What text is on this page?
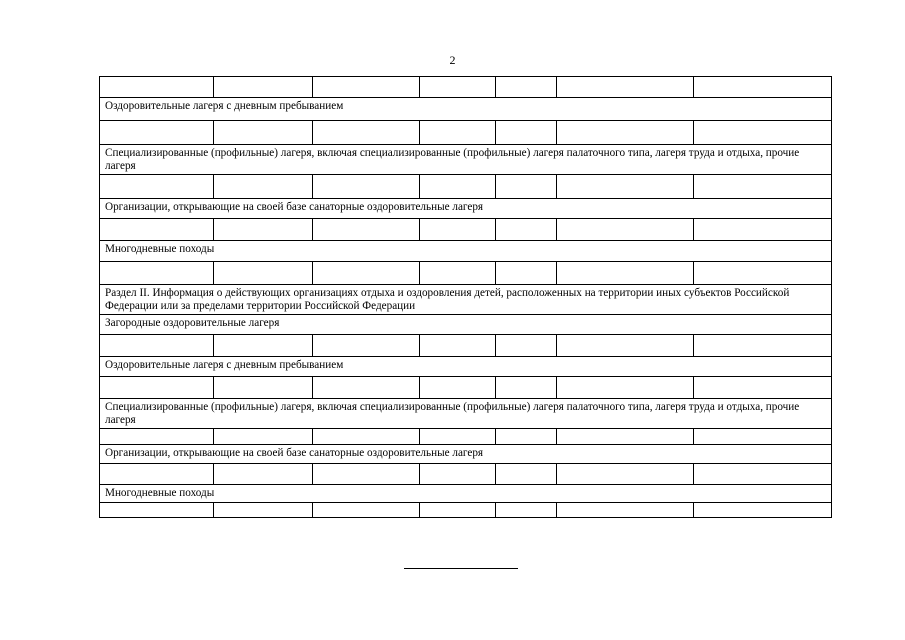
2

Оздоровительные лагеря с дневным пребыванием						

Специализированные (профильные) лагеря, включая специализированные (профильные) лагеря палаточного типа, лагеря труда и отдыха, прочие лагеря						

Организации, открывающие на своей базе санаторные оздоровительные лагеря						

Многодневные походы						

Раздел II. Информация о действующих организациях отдыха и оздоровления детей, расположенных на территории иных субъектов Российской Федерации или за пределами территории Российской Федерации						
Загородные оздоровительные лагеря						

Оздоровительные лагеря с дневным пребыванием						

Специализированные (профильные) лагеря, включая специализированные (профильные) лагеря палаточного типа, лагеря труда и отдыха, прочие лагеря						

Организации, открывающие на своей базе санаторные оздоровительные лагеря						

Многодневные походы						
